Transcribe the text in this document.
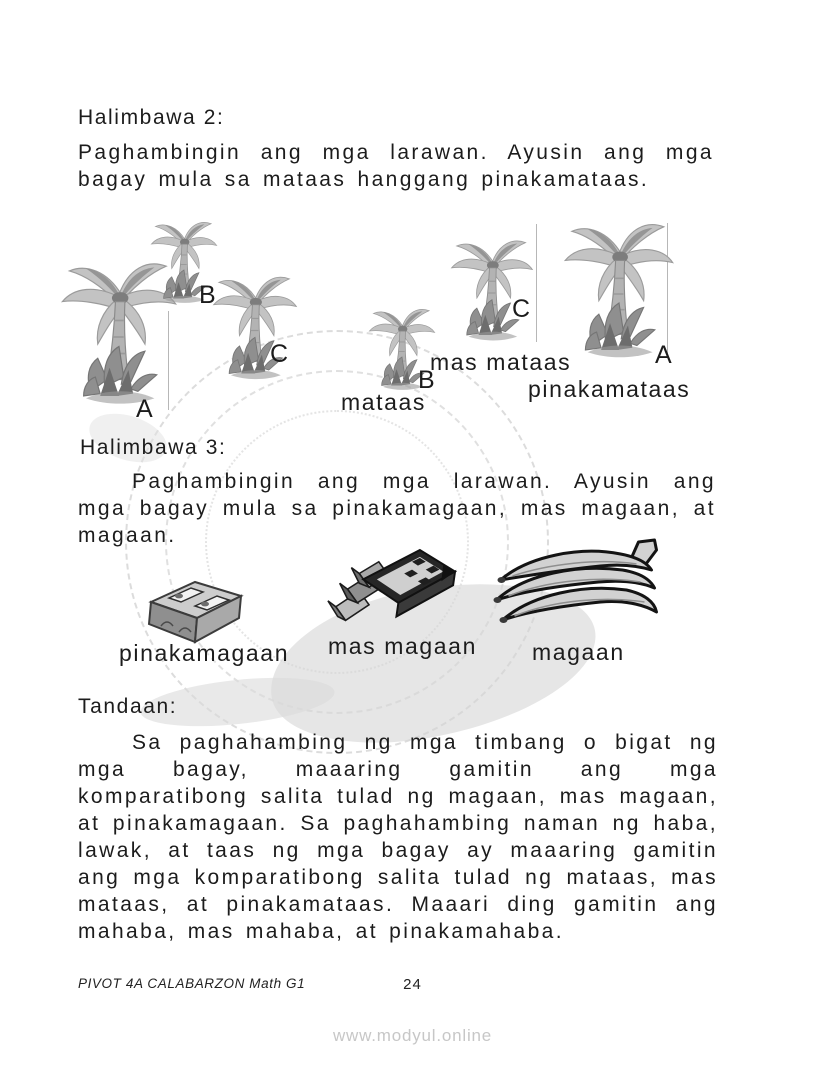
Halimbawa 2:

Paghambingin ang mga larawan. Ayusin ang mga bagay mula sa mataas hanggang pinakamataas.

A
B
C
B
C
A
mataas
mas mataas
pinakamataas

Halimbawa 3:

Paghambingin ang mga larawan. Ayusin ang mga bagay mula sa pinakamagaan, mas magaan, at magaan.

pinakamagaan mas magaan magaan

Tandaan:

Sa paghahambing ng mga timbang o bigat ng mga bagay, maaaring gamitin ang mga komparatibong salita tulad ng magaan, mas magaan, at pinakamagaan. Sa paghahambing naman ng haba, lawak, at taas ng mga bagay ay maaaring gamitin ang mga komparatibong salita tulad ng mataas, mas mataas, at pinakamataas. Maaari ding gamitin ang mahaba, mas mahaba, at pinakamahaba.

PIVOT 4A CALABARZON Math G1	24
www.modyul.online
